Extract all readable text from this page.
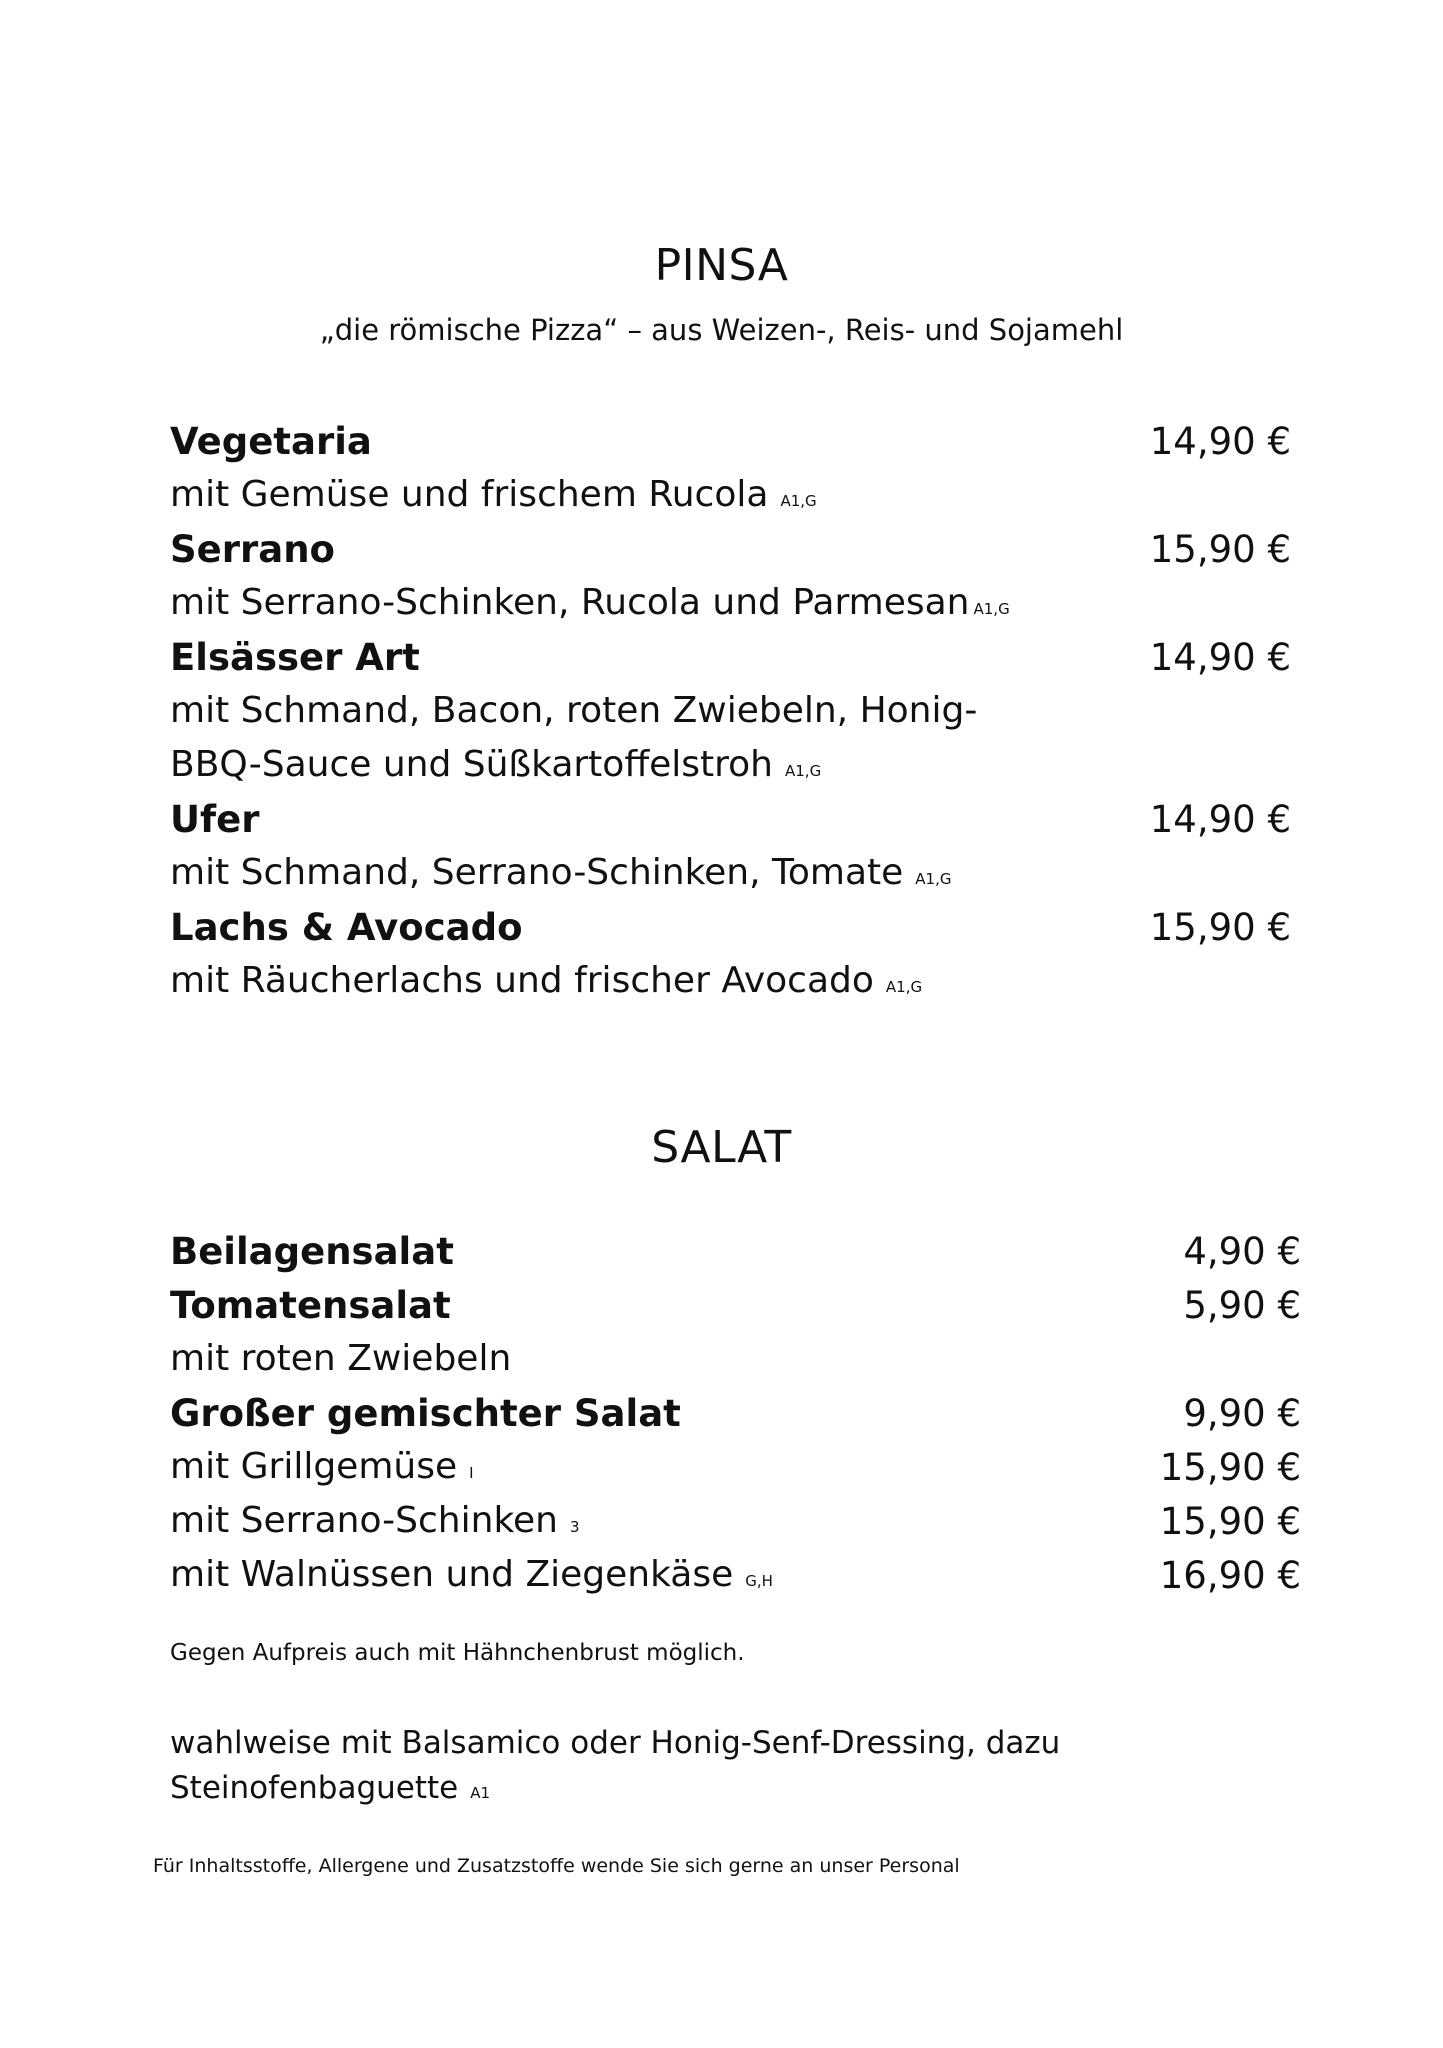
PINSA
„die römische Pizza“ – aus Weizen-, Reis- und Sojamehl
Vegetaria	14,90 €
mit Gemüse und frischem Rucola A1,G
Serrano	15,90 €
mit Serrano-Schinken, Rucola und Parmesan A1,G
Elsässer Art	14,90 €
mit Schmand, Bacon, roten Zwiebeln, Honig-
BBQ-Sauce und Süßkartoffelstroh A1,G
Ufer	14,90 €
mit Schmand, Serrano-Schinken, Tomate A1,G
Lachs & Avocado	15,90 €
mit Räucherlachs und frischer Avocado A1,G
SALAT
Beilagensalat	4,90 €
Tomatensalat	5,90 €
mit roten Zwiebeln
Großer gemischter Salat	9,90 €
mit Grillgemüse I	15,90 €
mit Serrano-Schinken 3	15,90 €
mit Walnüssen und Ziegenkäse G,H	16,90 €
Gegen Aufpreis auch mit Hähnchenbrust möglich.
wahlweise mit Balsamico oder Honig-Senf-Dressing, dazu
Steinofenbaguette A1
Für Inhaltsstoffe, Allergene und Zusatzstoffe wende Sie sich gerne an unser Personal
